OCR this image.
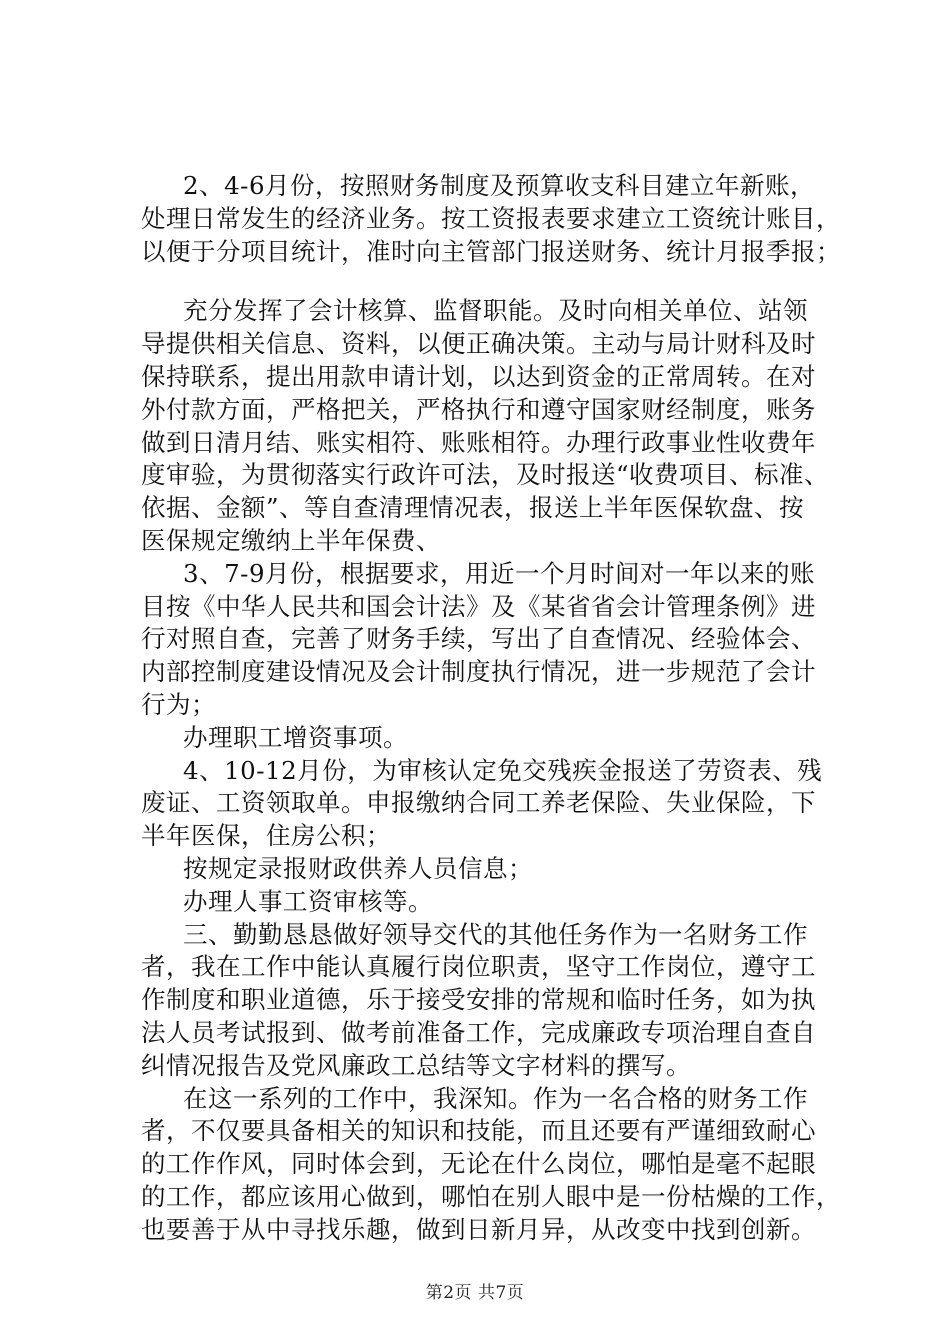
2、4-6月份，按照财务制度及预算收支科目建立年新账，
处理日常发生的经济业务。按工资报表要求建立工资统计账目，
以便于分项目统计，准时向主管部门报送财务、统计月报季报；
充分发挥了会计核算、监督职能。及时向相关单位、站领
导提供相关信息、资料，以便正确决策。主动与局计财科及时
保持联系，提出用款申请计划，以达到资金的正常周转。在对
外付款方面，严格把关，严格执行和遵守国家财经制度，账务
做到日清月结、账实相符、账账相符。办理行政事业性收费年
度审验，为贯彻落实行政许可法，及时报送“收费项目、标准、
依据、金额”、等自查清理情况表，报送上半年医保软盘、按
医保规定缴纳上半年保费、
3、7-9月份，根据要求，用近一个月时间对一年以来的账
目按《中华人民共和国会计法》及《某省省会计管理条例》进
行对照自查，完善了财务手续，写出了自查情况、经验体会、
内部控制度建设情况及会计制度执行情况，进一步规范了会计
行为；
办理职工增资事项。
4、10-12月份，为审核认定免交残疾金报送了劳资表、残
废证、工资领取单。申报缴纳合同工养老保险、失业保险，下
半年医保，住房公积；
按规定录报财政供养人员信息；
办理人事工资审核等。
三、勤勤恳恳做好领导交代的其他任务作为一名财务工作
者，我在工作中能认真履行岗位职责，坚守工作岗位，遵守工
作制度和职业道德，乐于接受安排的常规和临时任务，如为执
法人员考试报到、做考前准备工作，完成廉政专项治理自查自
纠情况报告及党风廉政工总结等文字材料的撰写。
在这一系列的工作中，我深知。作为一名合格的财务工作
者，不仅要具备相关的知识和技能，而且还要有严谨细致耐心
的工作作风，同时体会到，无论在什么岗位，哪怕是毫不起眼
的工作，都应该用心做到，哪怕在别人眼中是一份枯燥的工作，
也要善于从中寻找乐趣，做到日新月异，从改变中找到创新。
第2页 共7页
